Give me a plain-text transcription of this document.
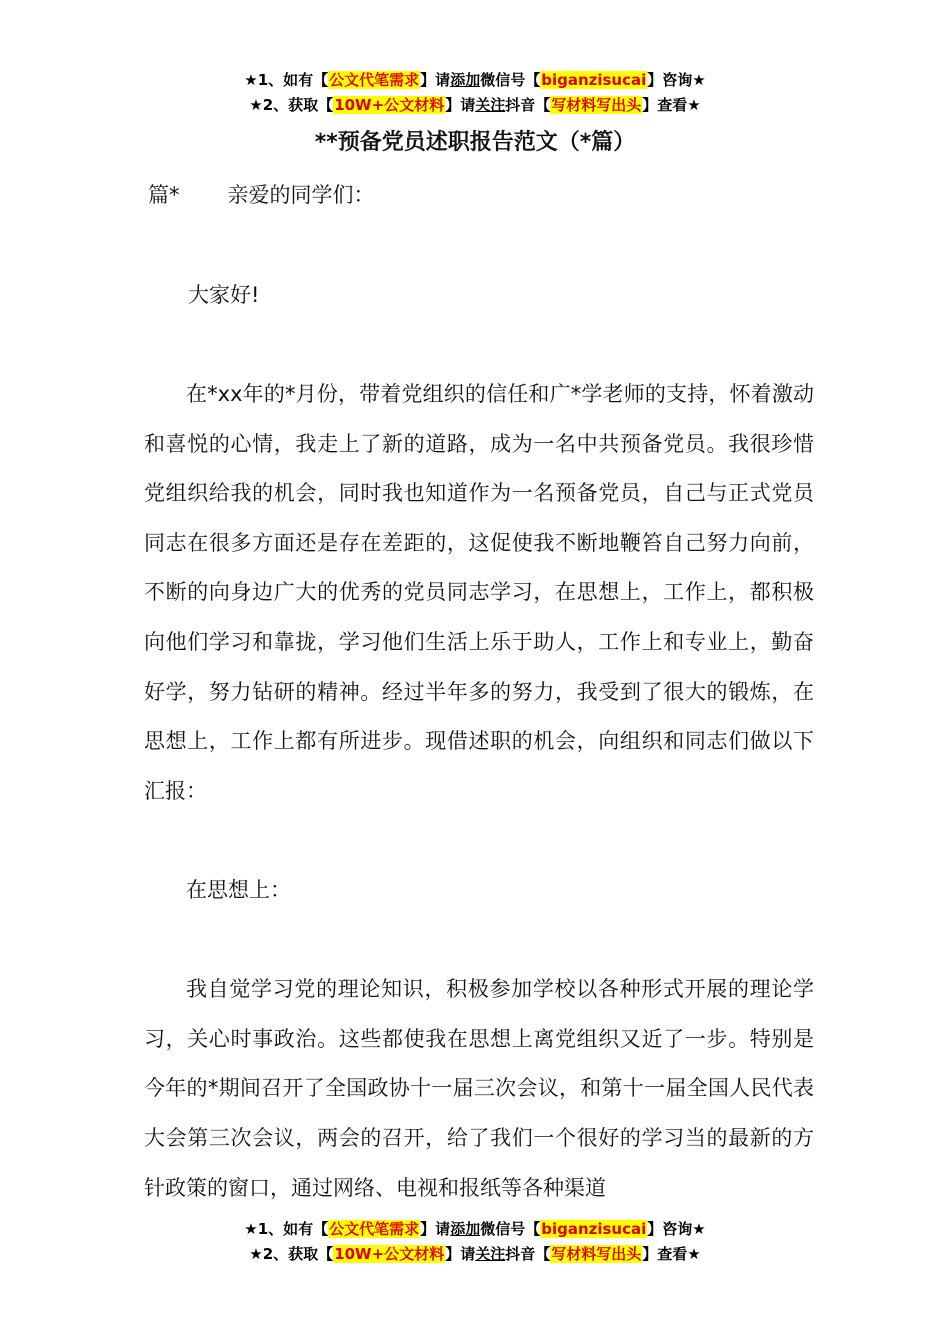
★1、如有【公文代笔需求】请添加微信号【biganzisucai】咨询★
★2、获取【10W+公文材料】请关注抖音【写材料写出头】查看★
**预备党员述职报告范文（*篇）
篇* 亲爱的同学们：
大家好!

在*xx年的*月份，带着党组织的信任和广*学老师的支持，怀着激动和喜悦的心情，我走上了新的道路，成为一名中共预备党员。我很珍惜党组织给我的机会，同时我也知道作为一名预备党员，自己与正式党员同志在很多方面还是存在差距的，这促使我不断地鞭笞自己努力向前，不断的向身边广大的优秀的党员同志学习，在思想上，工作上，都积极向他们学习和靠拢，学习他们生活上乐于助人，工作上和专业上，勤奋好学，努力钻研的精神。经过半年多的努力，我受到了很大的锻炼，在思想上，工作上都有所进步。现借述职的机会，向组织和同志们做以下汇报：

在思想上：

我自觉学习党的理论知识，积极参加学校以各种形式开展的理论学习，关心时事政治。这些都使我在思想上离党组织又近了一步。特别是今年的*期间召开了全国政协十一届三次会议，和第十一届全国人民代表大会第三次会议，两会的召开，给了我们一个很好的学习当的最新的方针政策的窗口，通过网络、电视和报纸等各种渠道

★1、如有【公文代笔需求】请添加微信号【biganzisucai】咨询★
★2、获取【10W+公文材料】请关注抖音【写材料写出头】查看★
